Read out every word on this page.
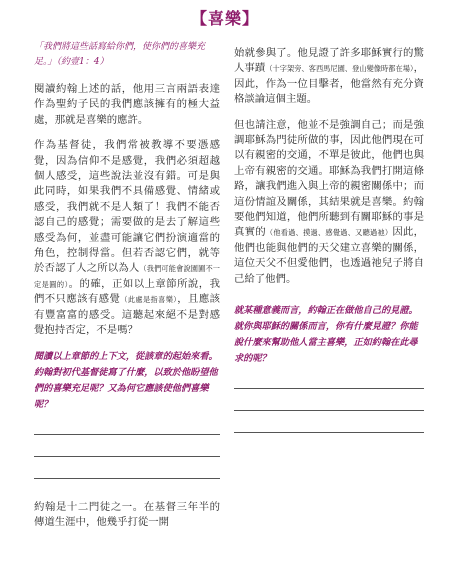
【喜樂】
「我們將這些話寫給你們，使你們的喜樂充足。」（約壹1：4）

閱讀約翰上述的話，他用三言兩語表達作為聖約子民的我們應該擁有的極大益處，那就是喜樂的應許。

作為基督徒，我們常被教導不要憑感覺，因為信仰不是感覺，我們必須超越個人感受，這些說法並沒有錯。可是與此同時，如果我們不具備感覺、情緒或感受，我們就不是人類了！我們不能否認自己的感覺；需要做的是去了解這些感受為何，並盡可能讓它們扮演適當的角色，控制得當。但若否認它們，就等於否認了人之所以為人（我們可能會說園圃不一定是圓的）。的確，正如以上章節所說，我們不只應該有感覺（此處是指喜樂），且應該有豐富富的感受。這聽起來絕不是對感覺抱持否定，不是嗎？

閱讀以上章節的上下文，從該章的起始來看。約翰對初代基督徒寫了什麼，以致於他盼望他們的喜樂充足呢？又為何它應該使他們喜樂呢？

約翰是十二門徒之一。在基督三年半的傳道生涯中，他幾乎打從一開

始就參與了。他見證了許多耶穌實行的驚人事蹟（十字架旁、客西馬尼園、登山變像時都在場），因此，作為一位目擊者，他當然有充分資格談論這個主題。

但也請注意，他並不是強調自己；而是強調耶穌為門徒所做的事，因此他們現在可以有親密的交通，不單是彼此，他們也與上帝有親密的交通。耶穌為我們打開這條路，讓我們進入與上帝的親密關係中；而這份情誼及關係，其結果就是喜樂。約翰要他們知道，他們所聽到有關耶穌的事是真實的（他看過、摸過、感覺過、又聽過祂）因此，他們也能與他們的天父建立喜樂的關係，這位天父不但愛他們，也透過祂兒子將自己給了他們。

就某種意義而言，約翰正在做他自己的見證。就你與耶穌的關係而言，你有什麼見證？你能說什麼來幫助他人當主喜樂，正如約翰在此尋求的呢？
